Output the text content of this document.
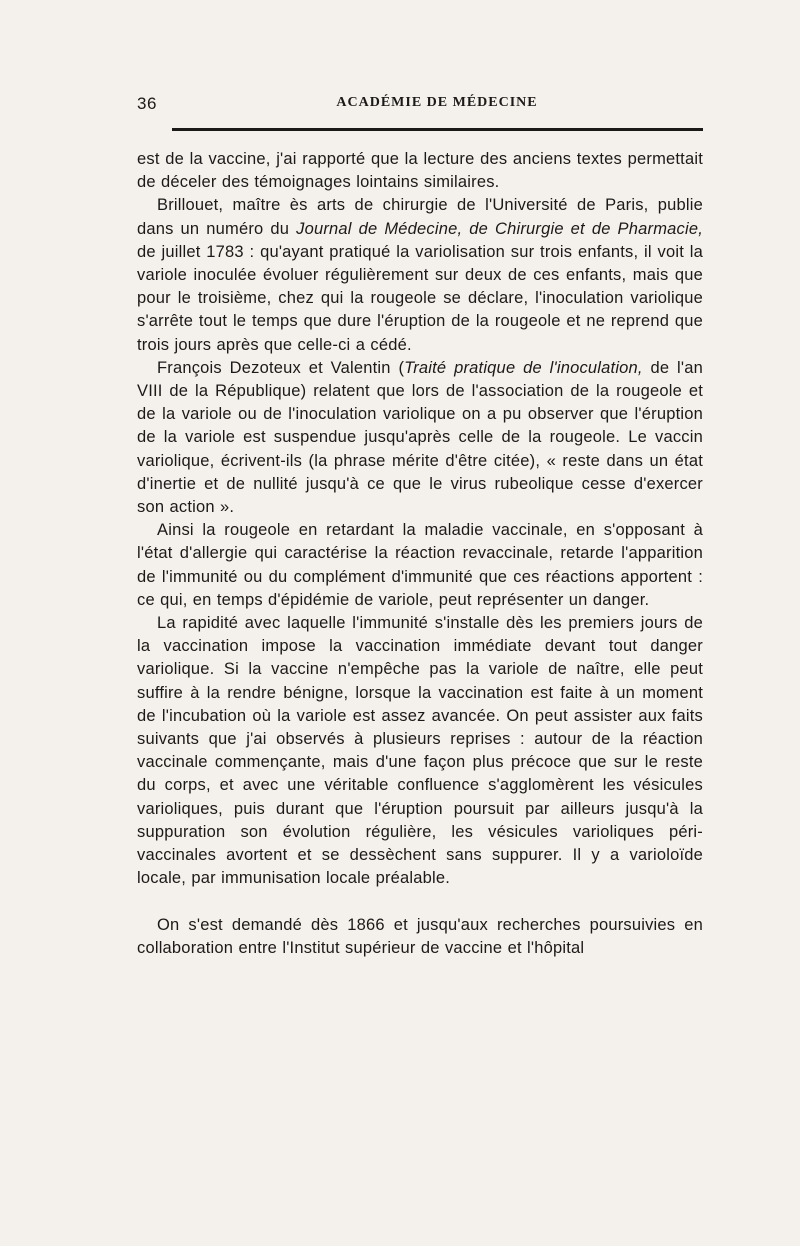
36	ACADÉMIE DE MÉDECINE

est de la vaccine, j'ai rapporté que la lecture des anciens textes permettait de déceler des témoignages lointains similaires.

Brillouet, maître ès arts de chirurgie de l'Université de Paris, publie dans un numéro du Journal de Médecine, de Chirurgie et de Pharmacie, de juillet 1783 : qu'ayant pratiqué la variolisation sur trois enfants, il voit la variole inoculée évoluer régulièrement sur deux de ces enfants, mais que pour le troisième, chez qui la rougeole se déclare, l'inoculation variolique s'arrête tout le temps que dure l'éruption de la rougeole et ne reprend que trois jours après que celle-ci a cédé.

François Dezoteux et Valentin (Traité pratique de l'inoculation, de l'an VIII de la République) relatent que lors de l'association de la rougeole et de la variole ou de l'inoculation variolique on a pu observer que l'éruption de la variole est suspendue jusqu'après celle de la rougeole. Le vaccin variolique, écrivent-ils (la phrase mérite d'être citée), « reste dans un état d'inertie et de nullité jusqu'à ce que le virus rubeolique cesse d'exercer son action ».

Ainsi la rougeole en retardant la maladie vaccinale, en s'opposant à l'état d'allergie qui caractérise la réaction revaccinale, retarde l'apparition de l'immunité ou du complément d'immunité que ces réactions apportent : ce qui, en temps d'épidémie de variole, peut représenter un danger.

La rapidité avec laquelle l'immunité s'installe dès les premiers jours de la vaccination impose la vaccination immédiate devant tout danger variolique. Si la vaccine n'empêche pas la variole de naître, elle peut suffire à la rendre bénigne, lorsque la vaccination est faite à un moment de l'incubation où la variole est assez avancée. On peut assister aux faits suivants que j'ai observés à plusieurs reprises : autour de la réaction vaccinale commençante, mais d'une façon plus précoce que sur le reste du corps, et avec une véritable confluence s'agglomèrent les vésicules varioliques, puis durant que l'éruption poursuit par ailleurs jusqu'à la suppuration son évolution régulière, les vésicules varioliques péri-vaccinales avortent et se dessèchent sans suppurer. Il y a varioloïde locale, par immunisation locale préalable.

On s'est demandé dès 1866 et jusqu'aux recherches poursuivies en collaboration entre l'Institut supérieur de vaccine et l'hôpital
